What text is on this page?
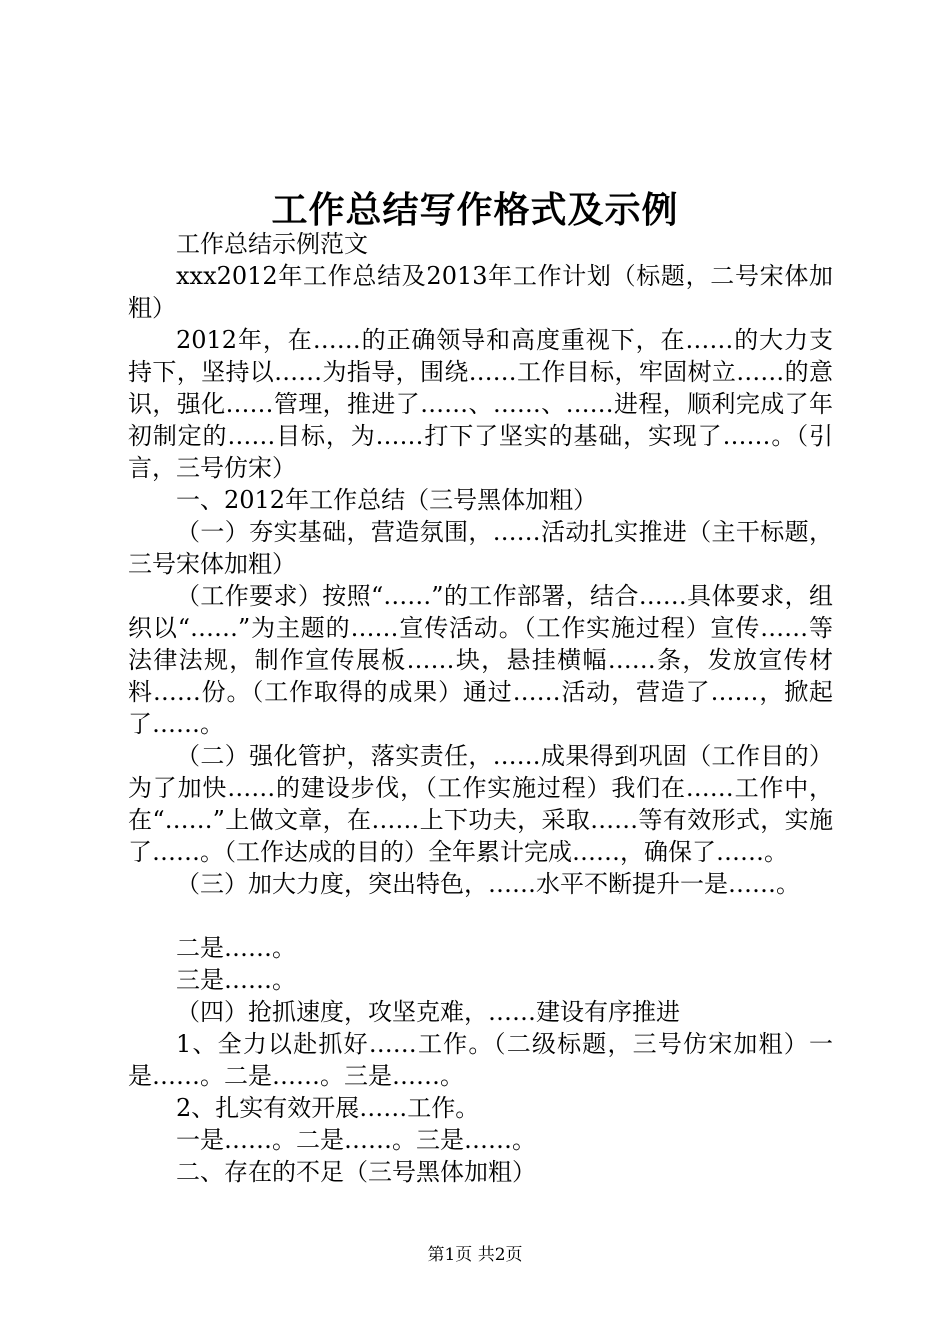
工作总结写作格式及示例

工作总结示例范文

xxx2012年工作总结及2013年工作计划（标题，二号宋体加粗）

2012年，在……的正确领导和高度重视下，在……的大力支持下，坚持以……为指导，围绕……工作目标，牢固树立……的意识，强化……管理，推进了……、……、……进程，顺利完成了年初制定的……目标，为……打下了坚实的基础，实现了……。（引言，三号仿宋）

一、2012年工作总结（三号黑体加粗）

（一）夯实基础，营造氛围，……活动扎实推进（主干标题，三号宋体加粗）

（工作要求）按照“……”的工作部署，结合……具体要求，组织以“……”为主题的……宣传活动。（工作实施过程）宣传……等法律法规，制作宣传展板……块，悬挂横幅……条，发放宣传材料……份。（工作取得的成果）通过……活动，营造了……，掀起了……。

（二）强化管护，落实责任，……成果得到巩固（工作目的）为了加快……的建设步伐，（工作实施过程）我们在……工作中，在“……”上做文章，在……上下功夫，采取……等有效形式，实施了……。（工作达成的目的）全年累计完成……，确保了……。

（三）加大力度，突出特色，……水平不断提升一是……。

二是……。

三是……。

（四）抢抓速度，攻坚克难，……建设有序推进

1、全力以赴抓好……工作。（二级标题，三号仿宋加粗）一是……。二是……。三是……。

2、扎实有效开展……工作。

一是……。二是……。三是……。

二、存在的不足（三号黑体加粗）

第1页 共2页
